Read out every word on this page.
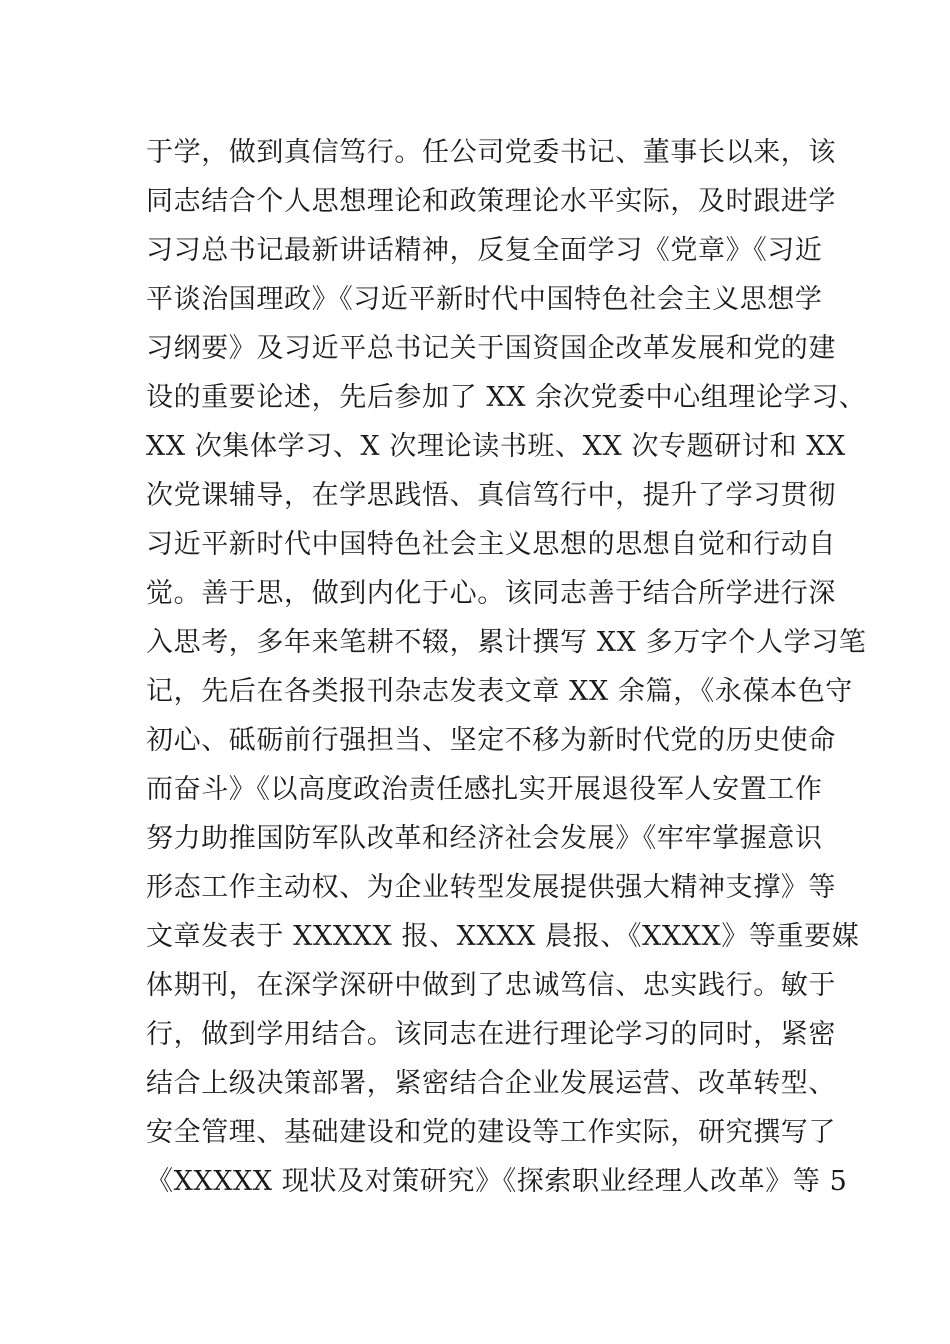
于学，做到真信笃行。任公司党委书记、董事长以来，该
同志结合个人思想理论和政策理论水平实际，及时跟进学
习习总书记最新讲话精神，反复全面学习《党章》《习近
平谈治国理政》《习近平新时代中国特色社会主义思想学
习纲要》及习近平总书记关于国资国企改革发展和党的建
设的重要论述，先后参加了 XX 余次党委中心组理论学习、
XX 次集体学习、X 次理论读书班、XX 次专题研讨和 XX
次党课辅导，在学思践悟、真信笃行中，提升了学习贯彻
习近平新时代中国特色社会主义思想的思想自觉和行动自
觉。善于思，做到内化于心。该同志善于结合所学进行深
入思考，多年来笔耕不辍，累计撰写 XX 多万字个人学习笔
记，先后在各类报刊杂志发表文章 XX 余篇，《永葆本色守
初心、砥砺前行强担当、坚定不移为新时代党的历史使命
而奋斗》《以高度政治责任感扎实开展退役军人安置工作
努力助推国防军队改革和经济社会发展》《牢牢掌握意识
形态工作主动权、为企业转型发展提供强大精神支撑》等
文章发表于 XXXXX 报、XXXX 晨报、《XXXX》等重要媒
体期刊，在深学深研中做到了忠诚笃信、忠实践行。敏于
行，做到学用结合。该同志在进行理论学习的同时，紧密
结合上级决策部署，紧密结合企业发展运营、改革转型、
安全管理、基础建设和党的建设等工作实际，研究撰写了
《XXXXX 现状及对策研究》《探索职业经理人改革》等 5
